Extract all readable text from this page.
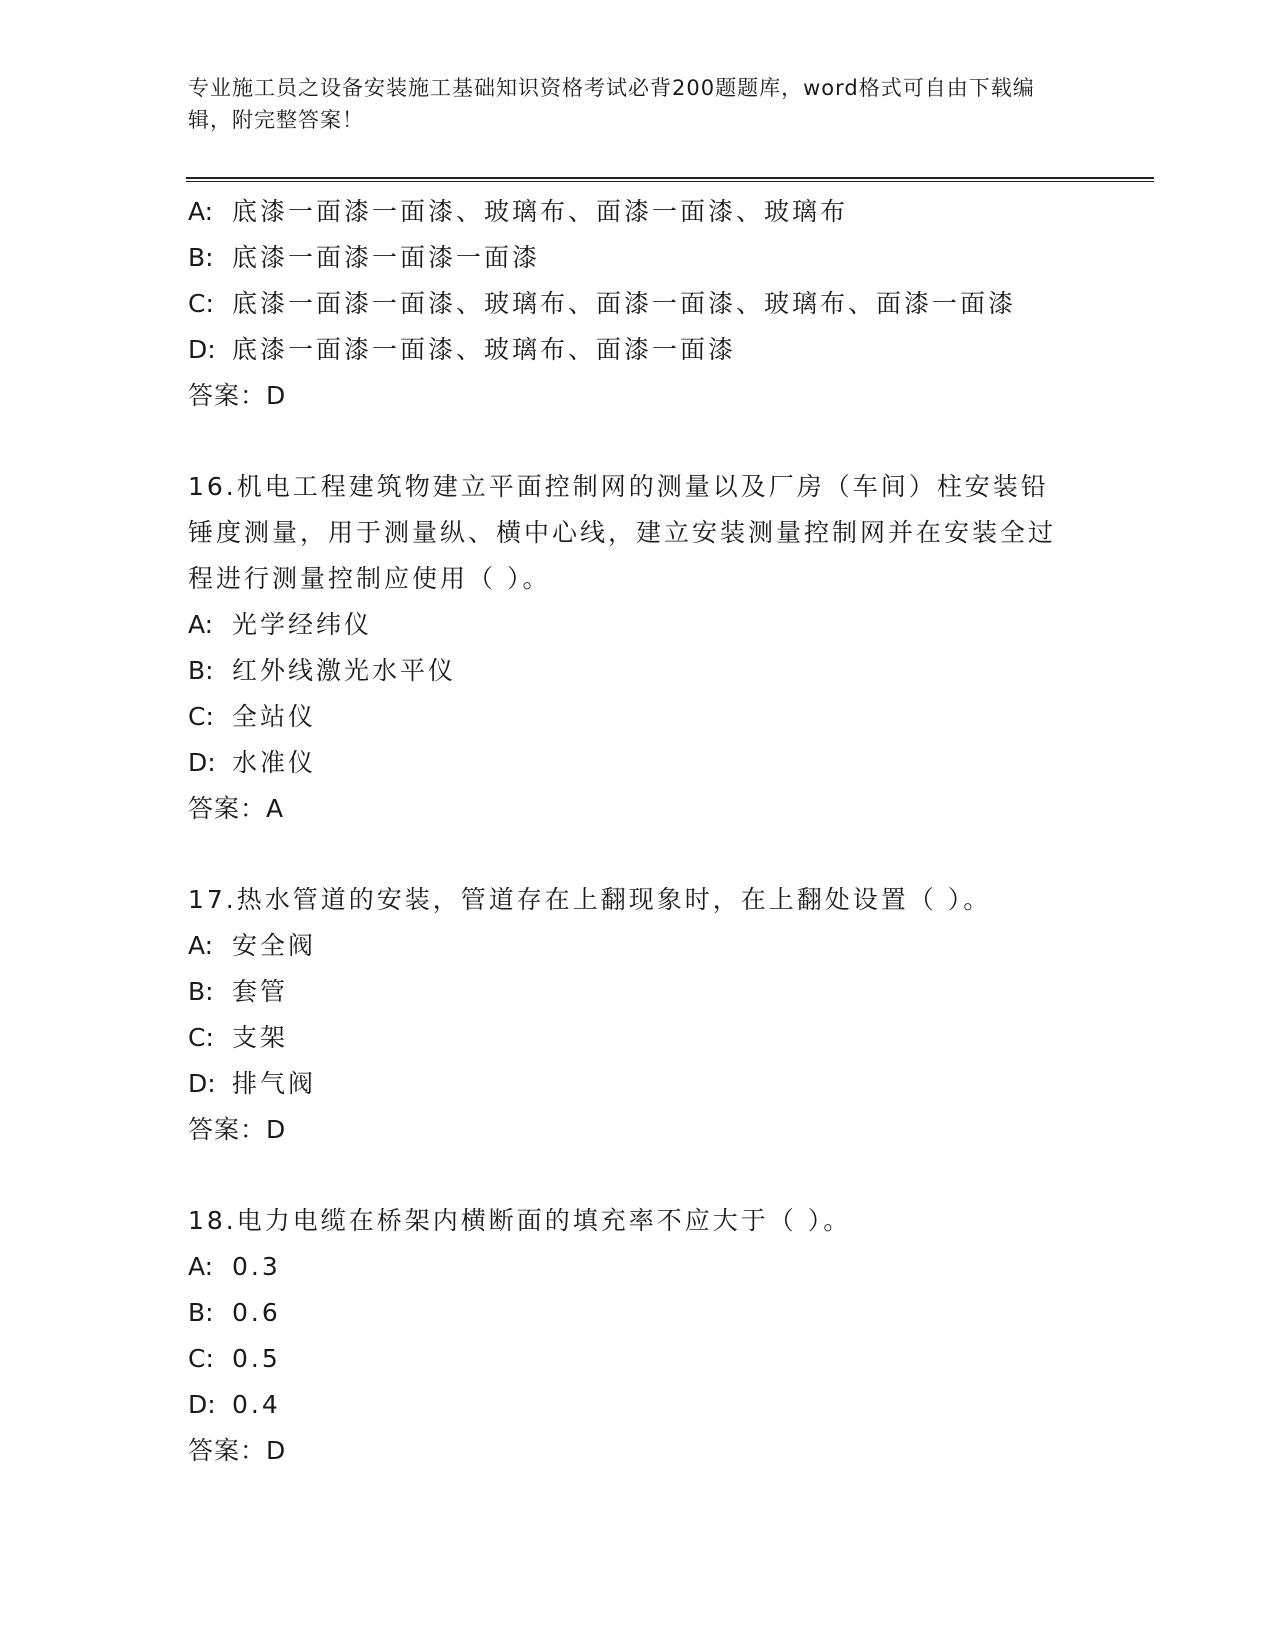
专业施工员之设备安装施工基础知识资格考试必背200题题库，word格式可自由下载编辑，附完整答案！
A: 底漆一面漆一面漆、玻璃布、面漆一面漆、玻璃布
B: 底漆一面漆一面漆一面漆
C: 底漆一面漆一面漆、玻璃布、面漆一面漆、玻璃布、面漆一面漆
D: 底漆一面漆一面漆、玻璃布、面漆一面漆
答案：D
16.机电工程建筑物建立平面控制网的测量以及厂房（车间）柱安装铅锤度测量，用于测量纵、横中心线，建立安装测量控制网并在安装全过程进行测量控制应使用（ ）。
A: 光学经纬仪
B: 红外线激光水平仪
C: 全站仪
D: 水准仪
答案：A
17.热水管道的安装，管道存在上翻现象时，在上翻处设置（ ）。
A: 安全阀
B: 套管
C: 支架
D: 排气阀
答案：D
18.电力电缆在桥架内横断面的填充率不应大于（ ）。
A: 0.3
B: 0.6
C: 0.5
D: 0.4
答案：D
